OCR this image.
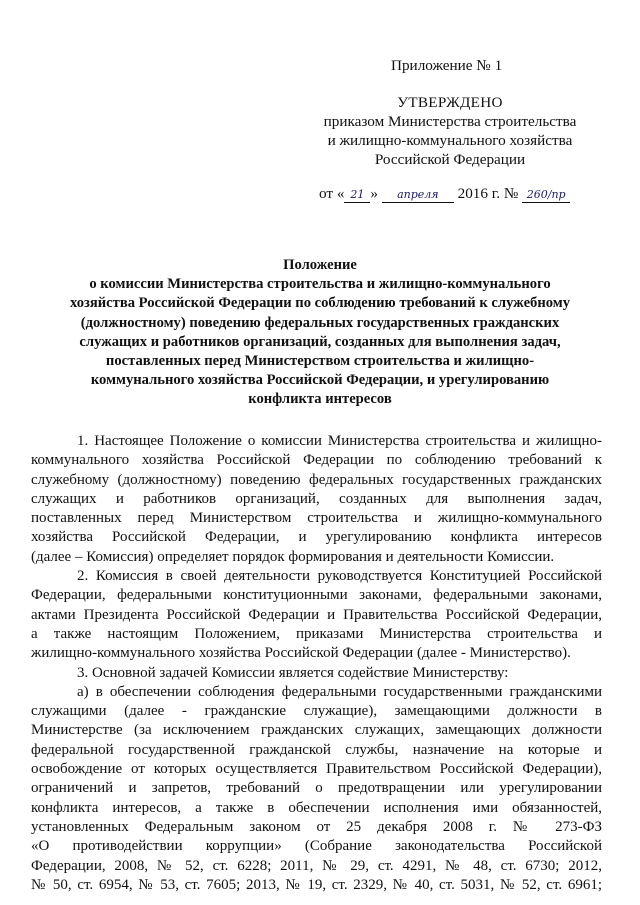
Приложение № 1
УТВЕРЖДЕНО
приказом Министерства строительства
и жилищно-коммунального хозяйства
Российской Федерации
от « 21 » апреля 2016 г. № 260/пр
Положение
о комиссии Министерства строительства и жилищно-коммунального
хозяйства Российской Федерации по соблюдению требований к служебному
(должностному) поведению федеральных государственных гражданских
служащих и работников организаций, созданных для выполнения задач,
поставленных перед Министерством строительства и жилищно-
коммунального хозяйства Российской Федерации, и урегулированию
конфликта интересов
1. Настоящее Положение о комиссии Министерства строительства и жилищно-
коммунального хозяйства Российской Федерации по соблюдению требований к
служебному (должностному) поведению федеральных государственных гражданских
служащих и работников организаций, созданных для выполнения задач,
поставленных перед Министерством строительства и жилищно-коммунального
хозяйства Российской Федерации, и урегулированию конфликта интересов
(далее – Комиссия) определяет порядок формирования и деятельности Комиссии.
2. Комиссия в своей деятельности руководствуется Конституцией Российской
Федерации, федеральными конституционными законами, федеральными законами,
актами Президента Российской Федерации и Правительства Российской Федерации,
а также настоящим Положением, приказами Министерства строительства и
жилищно-коммунального хозяйства Российской Федерации (далее - Министерство).
3. Основной задачей Комиссии является содействие Министерству:
а) в обеспечении соблюдения федеральными государственными гражданскими
служащими (далее - гражданские служащие), замещающими должности в
Министерстве (за исключением гражданских служащих, замещающих должности
федеральной государственной гражданской службы, назначение на которые и
освобождение от которых осуществляется Правительством Российской Федерации),
ограничений и запретов, требований о предотвращении или урегулировании
конфликта интересов, а также в обеспечении исполнения ими обязанностей,
установленных Федеральным законом от 25 декабря 2008 г. № 273-ФЗ
«О противодействии коррупции» (Собрание законодательства Российской
Федерации, 2008, № 52, ст. 6228; 2011, № 29, ст. 4291, № 48, ст. 6730; 2012,
№ 50, ст. 6954, № 53, ст. 7605; 2013, № 19, ст. 2329, № 40, ст. 5031, № 52, ст. 6961;
